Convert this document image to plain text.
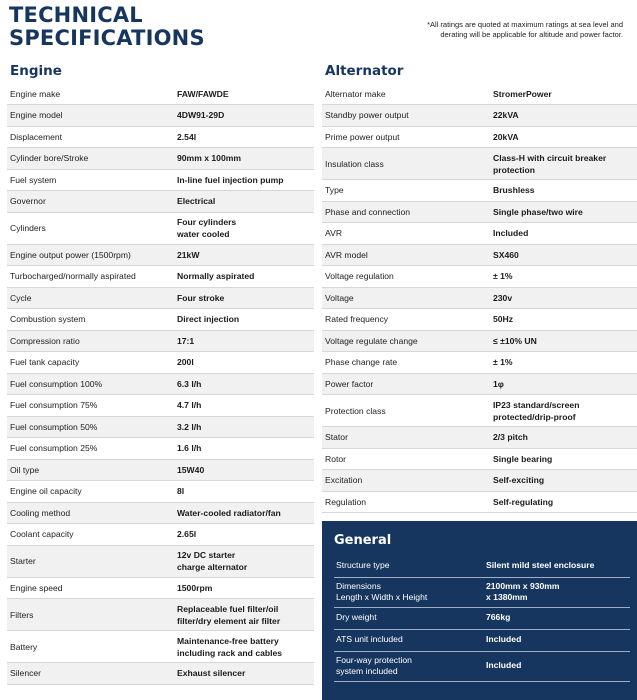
TECHNICAL
SPECIFICATIONS
*All ratings are quoted at maximum ratings at sea level and
derating will be applicable for altitude and power factor.
Engine
Engine make	FAW/FAWDE
Engine model	4DW91-29D
Displacement	2.54l
Cylinder bore/Stroke	90mm x 100mm
Fuel system	In-line fuel injection pump
Governor	Electrical
Cylinders	Four cylinders
water cooled
Engine output power (1500rpm)	21kW
Turbocharged/normally aspirated	Normally aspirated
Cycle	Four stroke
Combustion system	Direct injection
Compression ratio	17:1
Fuel tank capacity	200l
Fuel consumption 100%	6.3 l/h
Fuel consumption 75%	4.7 l/h
Fuel consumption 50%	3.2 l/h
Fuel consumption 25%	1.6 l/h
Oil type	15W40
Engine oil capacity	8l
Cooling method	Water-cooled radiator/fan
Coolant capacity	2.65l
Starter	12v DC starter
charge alternator
Engine speed	1500rpm
Filters	Replaceable fuel filter/oil
filter/dry element air filter
Battery	Maintenance-free battery
including rack and cables
Silencer	Exhaust silencer
Alternator
Alternator make	StromerPower
Standby power output	22kVA
Prime power output	20kVA
Insulation class	Class-H with circuit breaker
protection
Type	Brushless
Phase and connection	Single phase/two wire
AVR	Included
AVR model	SX460
Voltage regulation	± 1%
Voltage	230v
Rated frequency	50Hz
Voltage regulate change	≤ ±10% UN
Phase change rate	± 1%
Power factor	1φ
Protection class	IP23 standard/screen
protected/drip-proof
Stator	2/3 pitch
Rotor	Single bearing
Excitation	Self-exciting
Regulation	Self-regulating
General
Structure type	Silent mild steel enclosure
Dimensions
Length x Width x Height	2100mm x 930mm
x 1380mm
Dry weight	766kg
ATS unit included	Included
Four-way protection
system included	Included
